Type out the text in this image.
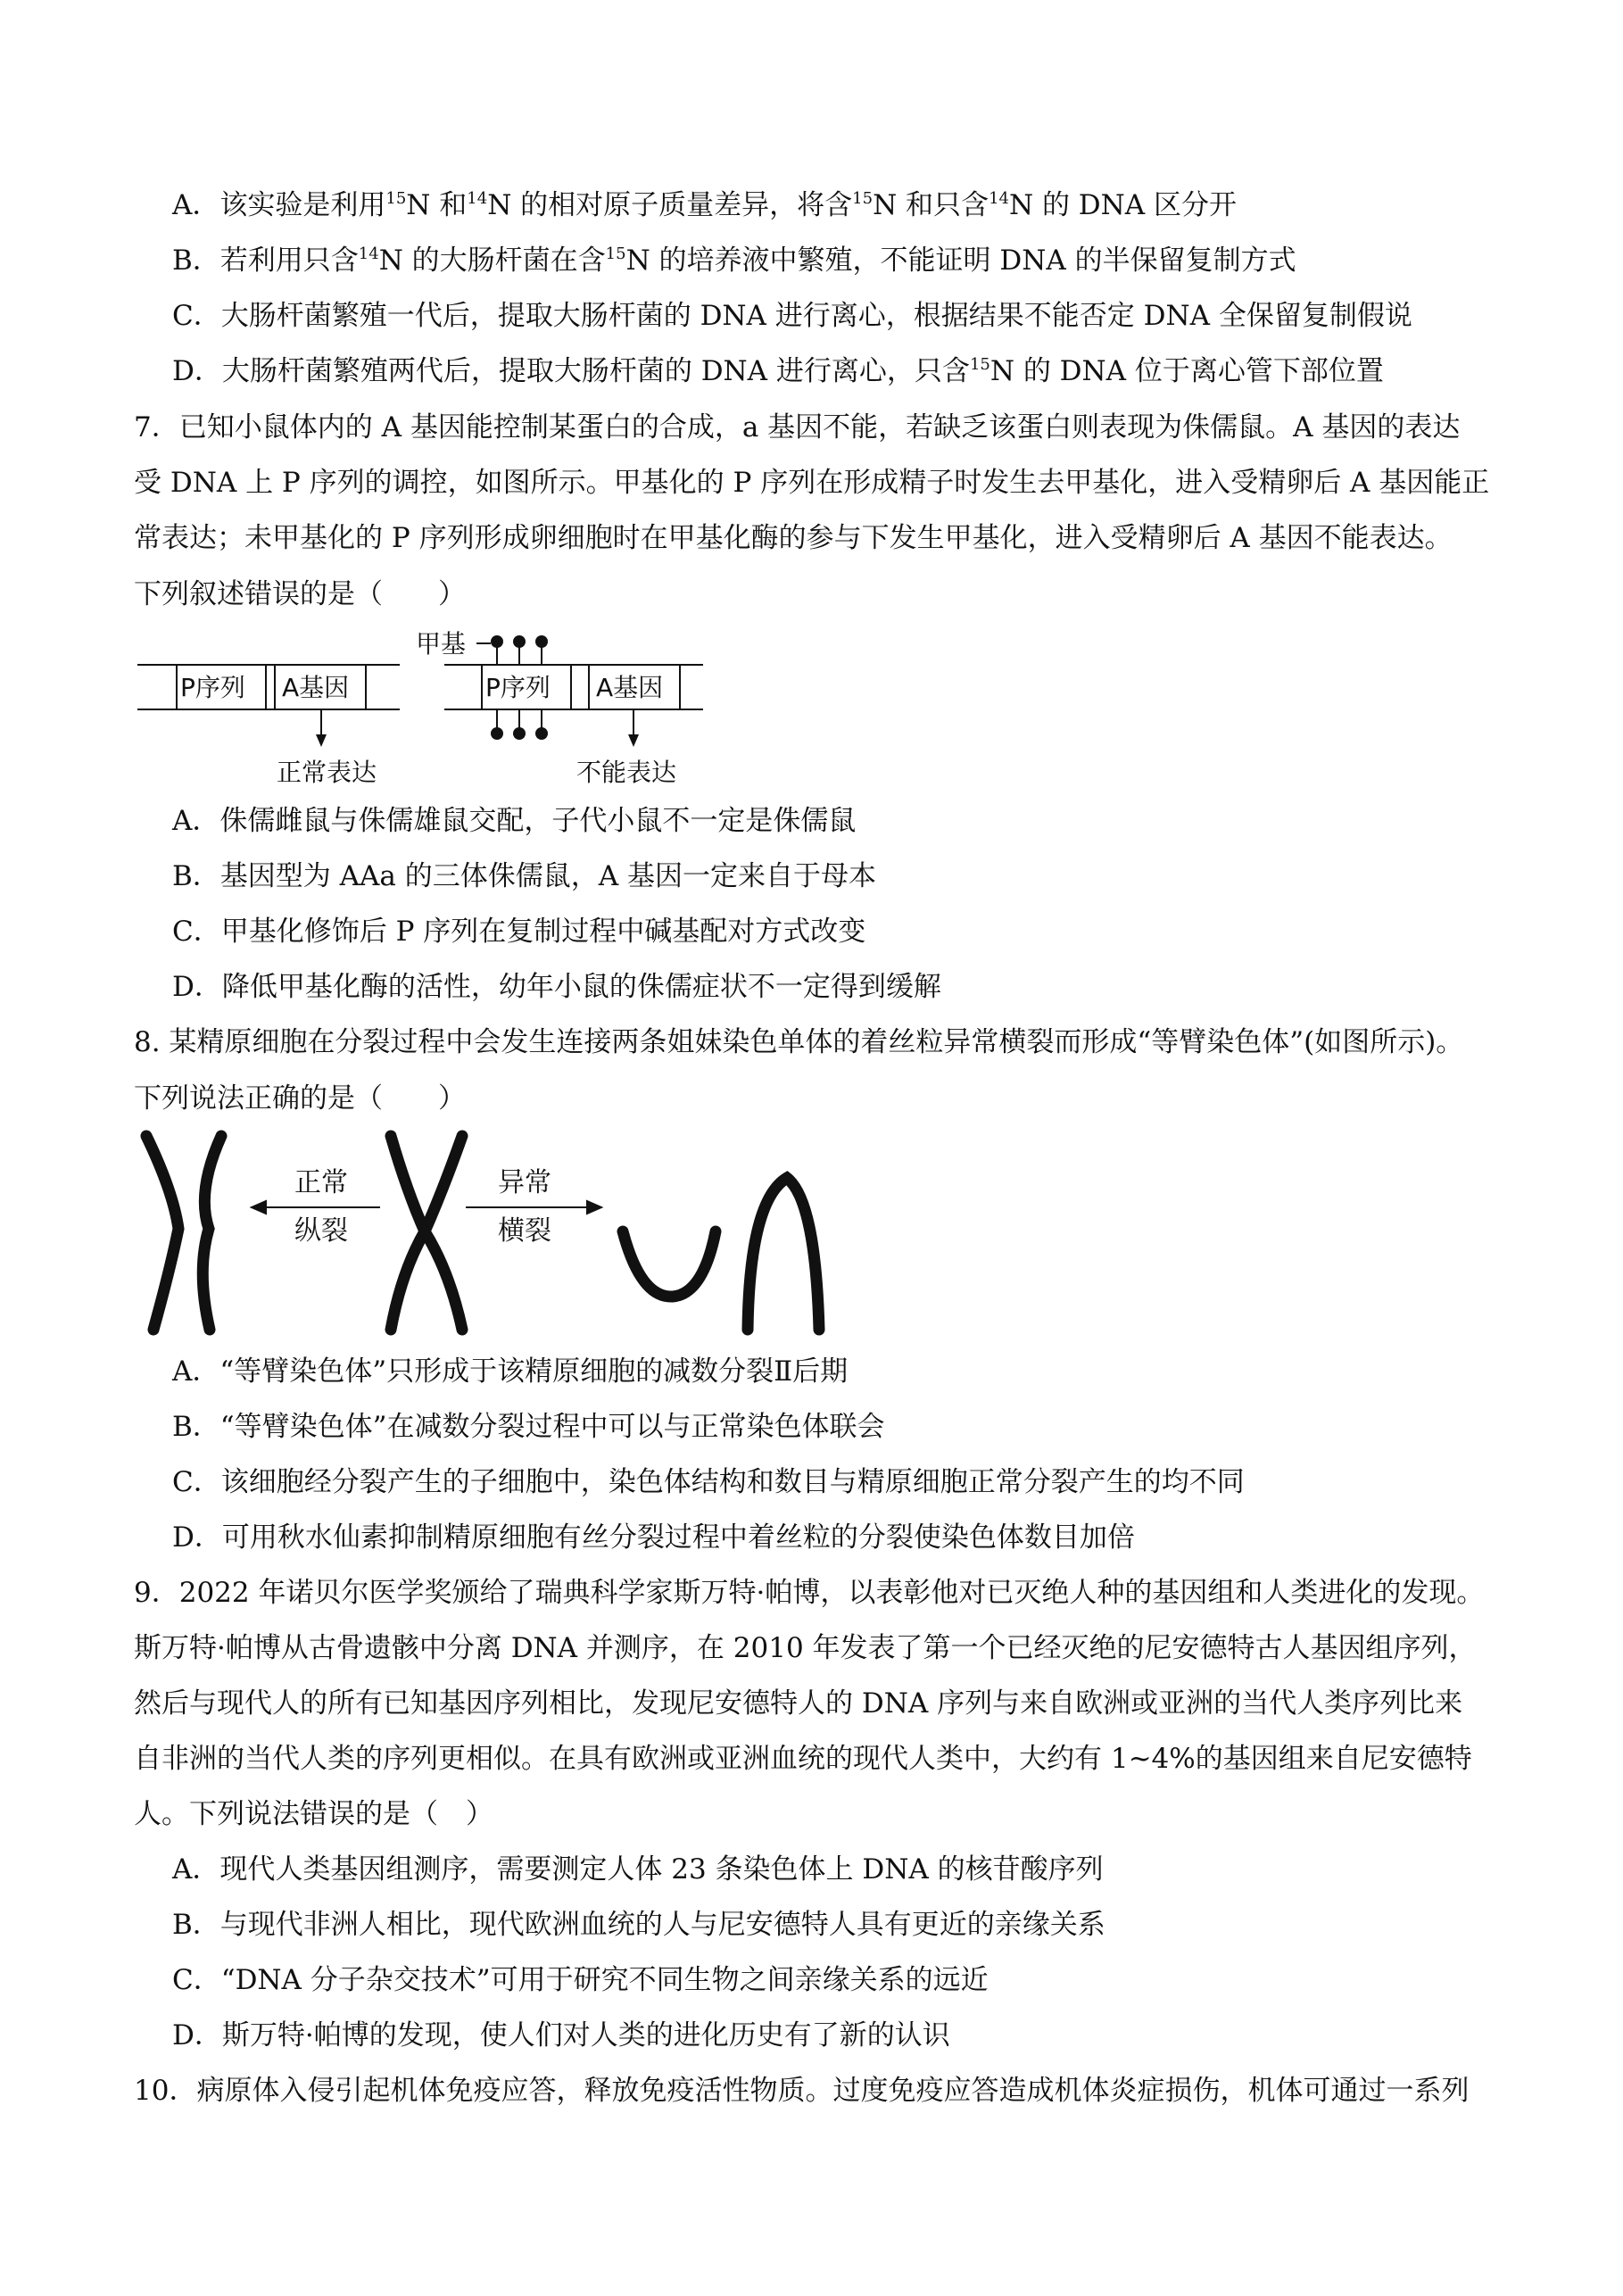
A．该实验是利用$^{15}$N 和$^{14}$N 的相对原子质量差异，将含$^{15}$N 和只含$^{14}$N 的 DNA 区分开
B．若利用只含$^{14}$N 的大肠杆菌在含$^{15}$N 的培养液中繁殖，不能证明 DNA 的半保留复制方式
C．大肠杆菌繁殖一代后，提取大肠杆菌的 DNA 进行离心，根据结果不能否定 DNA 全保留复制假说
D．大肠杆菌繁殖两代后，提取大肠杆菌的 DNA 进行离心，只含$^{15}$N 的 DNA 位于离心管下部位置
7．已知小鼠体内的 A 基因能控制某蛋白的合成，a 基因不能，若缺乏该蛋白则表现为侏儒鼠。A 基因的表达
受 DNA 上 P 序列的调控，如图所示。甲基化的 P 序列在形成精子时发生去甲基化，进入受精卵后 A 基因能正
常表达；未甲基化的 P 序列形成卵细胞时在甲基化酶的参与下发生甲基化，进入受精卵后 A 基因不能表达。
下列叙述错误的是（　　）
P序列 A基因	P序列 A基因
甲基
正常表达	不能表达
A．侏儒雌鼠与侏儒雄鼠交配，子代小鼠不一定是侏儒鼠
B．基因型为 AAa 的三体侏儒鼠，A 基因一定来自于母本
C．甲基化修饰后 P 序列在复制过程中碱基配对方式改变
D．降低甲基化酶的活性，幼年小鼠的侏儒症状不一定得到缓解
8. 某精原细胞在分裂过程中会发生连接两条姐妹染色单体的着丝粒异常横裂而形成“等臂染色体”(如图所示)。
下列说法正确的是（　　）
正常
纵裂
异常
横裂
A．“等臂染色体”只形成于该精原细胞的减数分裂Ⅱ后期
B．“等臂染色体”在减数分裂过程中可以与正常染色体联会
C．该细胞经分裂产生的子细胞中，染色体结构和数目与精原细胞正常分裂产生的均不同
D．可用秋水仙素抑制精原细胞有丝分裂过程中着丝粒的分裂使染色体数目加倍
9．2022 年诺贝尔医学奖颁给了瑞典科学家斯万特·帕博，以表彰他对已灭绝人种的基因组和人类进化的发现。
斯万特·帕博从古骨遗骸中分离 DNA 并测序，在 2010 年发表了第一个已经灭绝的尼安德特古人基因组序列，
然后与现代人的所有已知基因序列相比，发现尼安德特人的 DNA 序列与来自欧洲或亚洲的当代人类序列比来
自非洲的当代人类的序列更相似。在具有欧洲或亚洲血统的现代人类中，大约有 1~4%的基因组来自尼安德特
人。下列说法错误的是（　）
A．现代人类基因组测序，需要测定人体 23 条染色体上 DNA 的核苷酸序列
B．与现代非洲人相比，现代欧洲血统的人与尼安德特人具有更近的亲缘关系
C．“DNA 分子杂交技术”可用于研究不同生物之间亲缘关系的远近
D．斯万特·帕博的发现，使人们对人类的进化历史有了新的认识
10．病原体入侵引起机体免疫应答，释放免疫活性物质。过度免疫应答造成机体炎症损伤，机体可通过一系列
